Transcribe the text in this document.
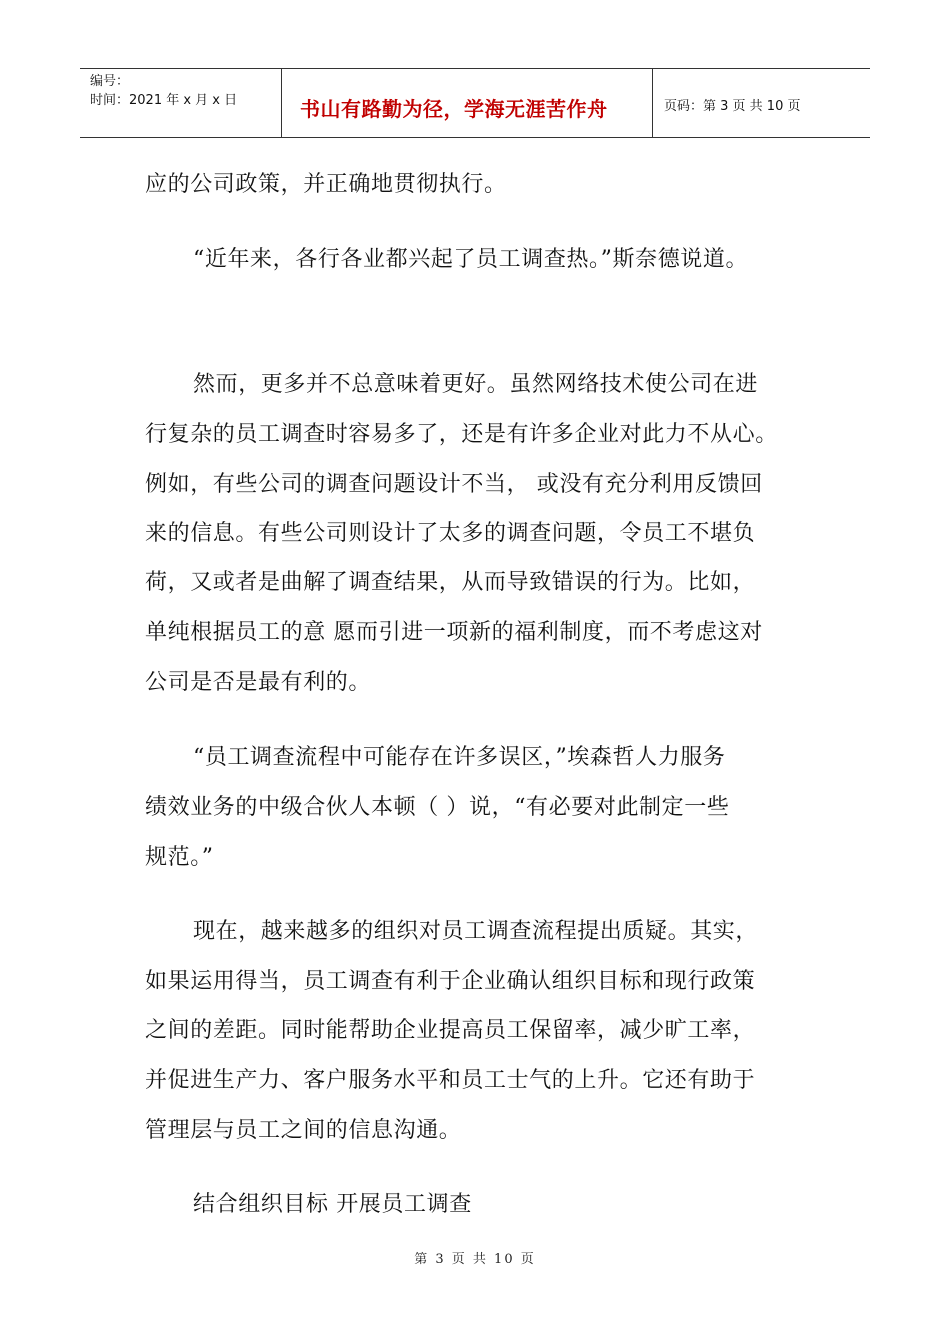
编号：
时间：2021 年 x 月 x 日	书山有路勤为径，学海无涯苦作舟	页码：第 3 页 共 10 页
应的公司政策，并正确地贯彻执行。
“近年来，各行各业都兴起了员工调查热。”斯奈德说道。
然而，更多并不总意味着更好。虽然网络技术使公司在进
行复杂的员工调查时容易多了，还是有许多企业对此力不从心。
例如，有些公司的调查问题设计不当， 或没有充分利用反馈回
来的信息。有些公司则设计了太多的调查问题，令员工不堪负
荷，又或者是曲解了调查结果，从而导致错误的行为。比如，
单纯根据员工的意 愿而引进一项新的福利制度，而不考虑这对
公司是否是最有利的。
“员工调查流程中可能存在许多误区，”埃森哲人力服务
绩效业务的中级合伙人本顿（ ）说，“有必要对此制定一些
规范。”
现在，越来越多的组织对员工调查流程提出质疑。其实，
如果运用得当，员工调查有利于企业确认组织目标和现行政策
之间的差距。同时能帮助企业提高员工保留率，减少旷工率，
并促进生产力、客户服务水平和员工士气的上升。它还有助于
管理层与员工之间的信息沟通。
结合组织目标 开展员工调查
第 3 页 共 10 页
